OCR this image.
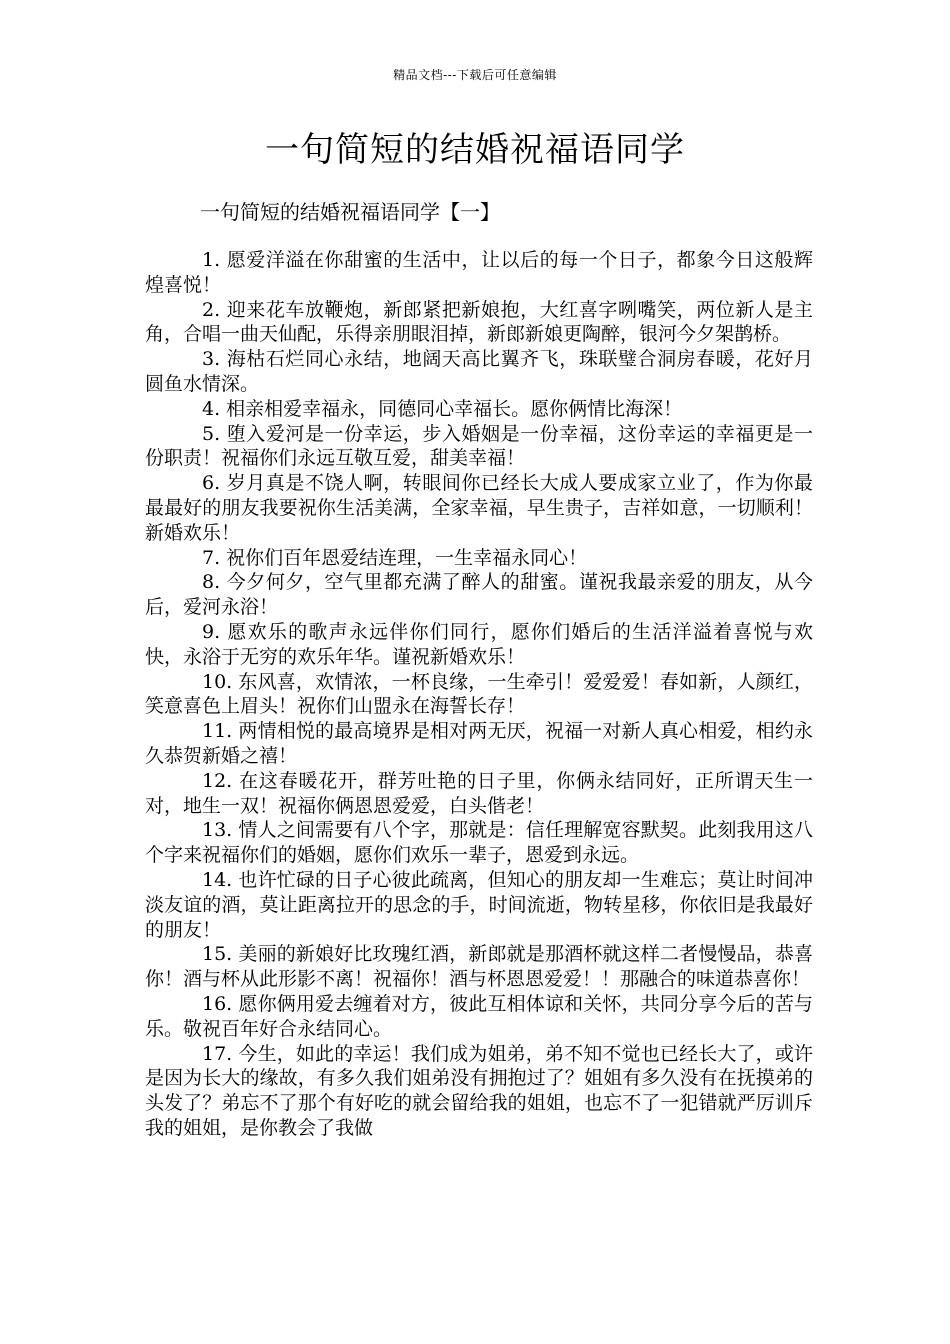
精品文档---下载后可任意编辑
一句简短的结婚祝福语同学
一句简短的结婚祝福语同学【一】

1. 愿爱洋溢在你甜蜜的生活中，让以后的每一个日子，都象今日这般辉煌喜悦！

2. 迎来花车放鞭炮，新郎紧把新娘抱，大红喜字咧嘴笑，两位新人是主角，合唱一曲天仙配，乐得亲朋眼泪掉，新郎新娘更陶醉，银河今夕架鹊桥。

3. 海枯石烂同心永结，地阔天高比翼齐飞，珠联璧合洞房春暖，花好月圆鱼水情深。

4. 相亲相爱幸福永，同德同心幸福长。愿你俩情比海深！

5. 堕入爱河是一份幸运，步入婚姻是一份幸福，这份幸运的幸福更是一份职责！祝福你们永远互敬互爱，甜美幸福！

6. 岁月真是不饶人啊，转眼间你已经长大成人要成家立业了，作为你最最最好的朋友我要祝你生活美满，全家幸福，早生贵子，吉祥如意，一切顺利！新婚欢乐！

7. 祝你们百年恩爱结连理，一生幸福永同心！

8. 今夕何夕，空气里都充满了醉人的甜蜜。谨祝我最亲爱的朋友，从今后，爱河永浴！

9. 愿欢乐的歌声永远伴你们同行，愿你们婚后的生活洋溢着喜悦与欢快，永浴于无穷的欢乐年华。谨祝新婚欢乐！

10. 东风喜，欢情浓，一杯良缘，一生牵引！爱爱爱！春如新，人颜红，笑意喜色上眉头！祝你们山盟永在海誓长存！

11. 两情相悦的最高境界是相对两无厌，祝福一对新人真心相爱，相约永久恭贺新婚之禧！

12. 在这春暖花开，群芳吐艳的日子里，你俩永结同好，正所谓天生一对，地生一双！祝福你俩恩恩爱爱，白头偕老！

13. 情人之间需要有八个字，那就是：信任理解宽容默契。此刻我用这八个字来祝福你们的婚姻，愿你们欢乐一辈子，恩爱到永远。

14. 也许忙碌的日子心彼此疏离，但知心的朋友却一生难忘；莫让时间冲淡友谊的酒，莫让距离拉开的思念的手，时间流逝，物转星移，你依旧是我最好的朋友！

15. 美丽的新娘好比玫瑰红酒，新郎就是那酒杯就这样二者慢慢品，恭喜你！酒与杯从此形影不离！祝福你！酒与杯恩恩爱爱！！那融合的味道恭喜你！

16. 愿你俩用爱去缠着对方，彼此互相体谅和关怀，共同分享今后的苦与乐。敬祝百年好合永结同心。

17. 今生，如此的幸运！我们成为姐弟，弟不知不觉也已经长大了，或许是因为长大的缘故，有多久我们姐弟没有拥抱过了？姐姐有多久没有在抚摸弟的头发了？弟忘不了那个有好吃的就会留给我的姐姐，也忘不了一犯错就严厉训斥我的姐姐，是你教会了我做
